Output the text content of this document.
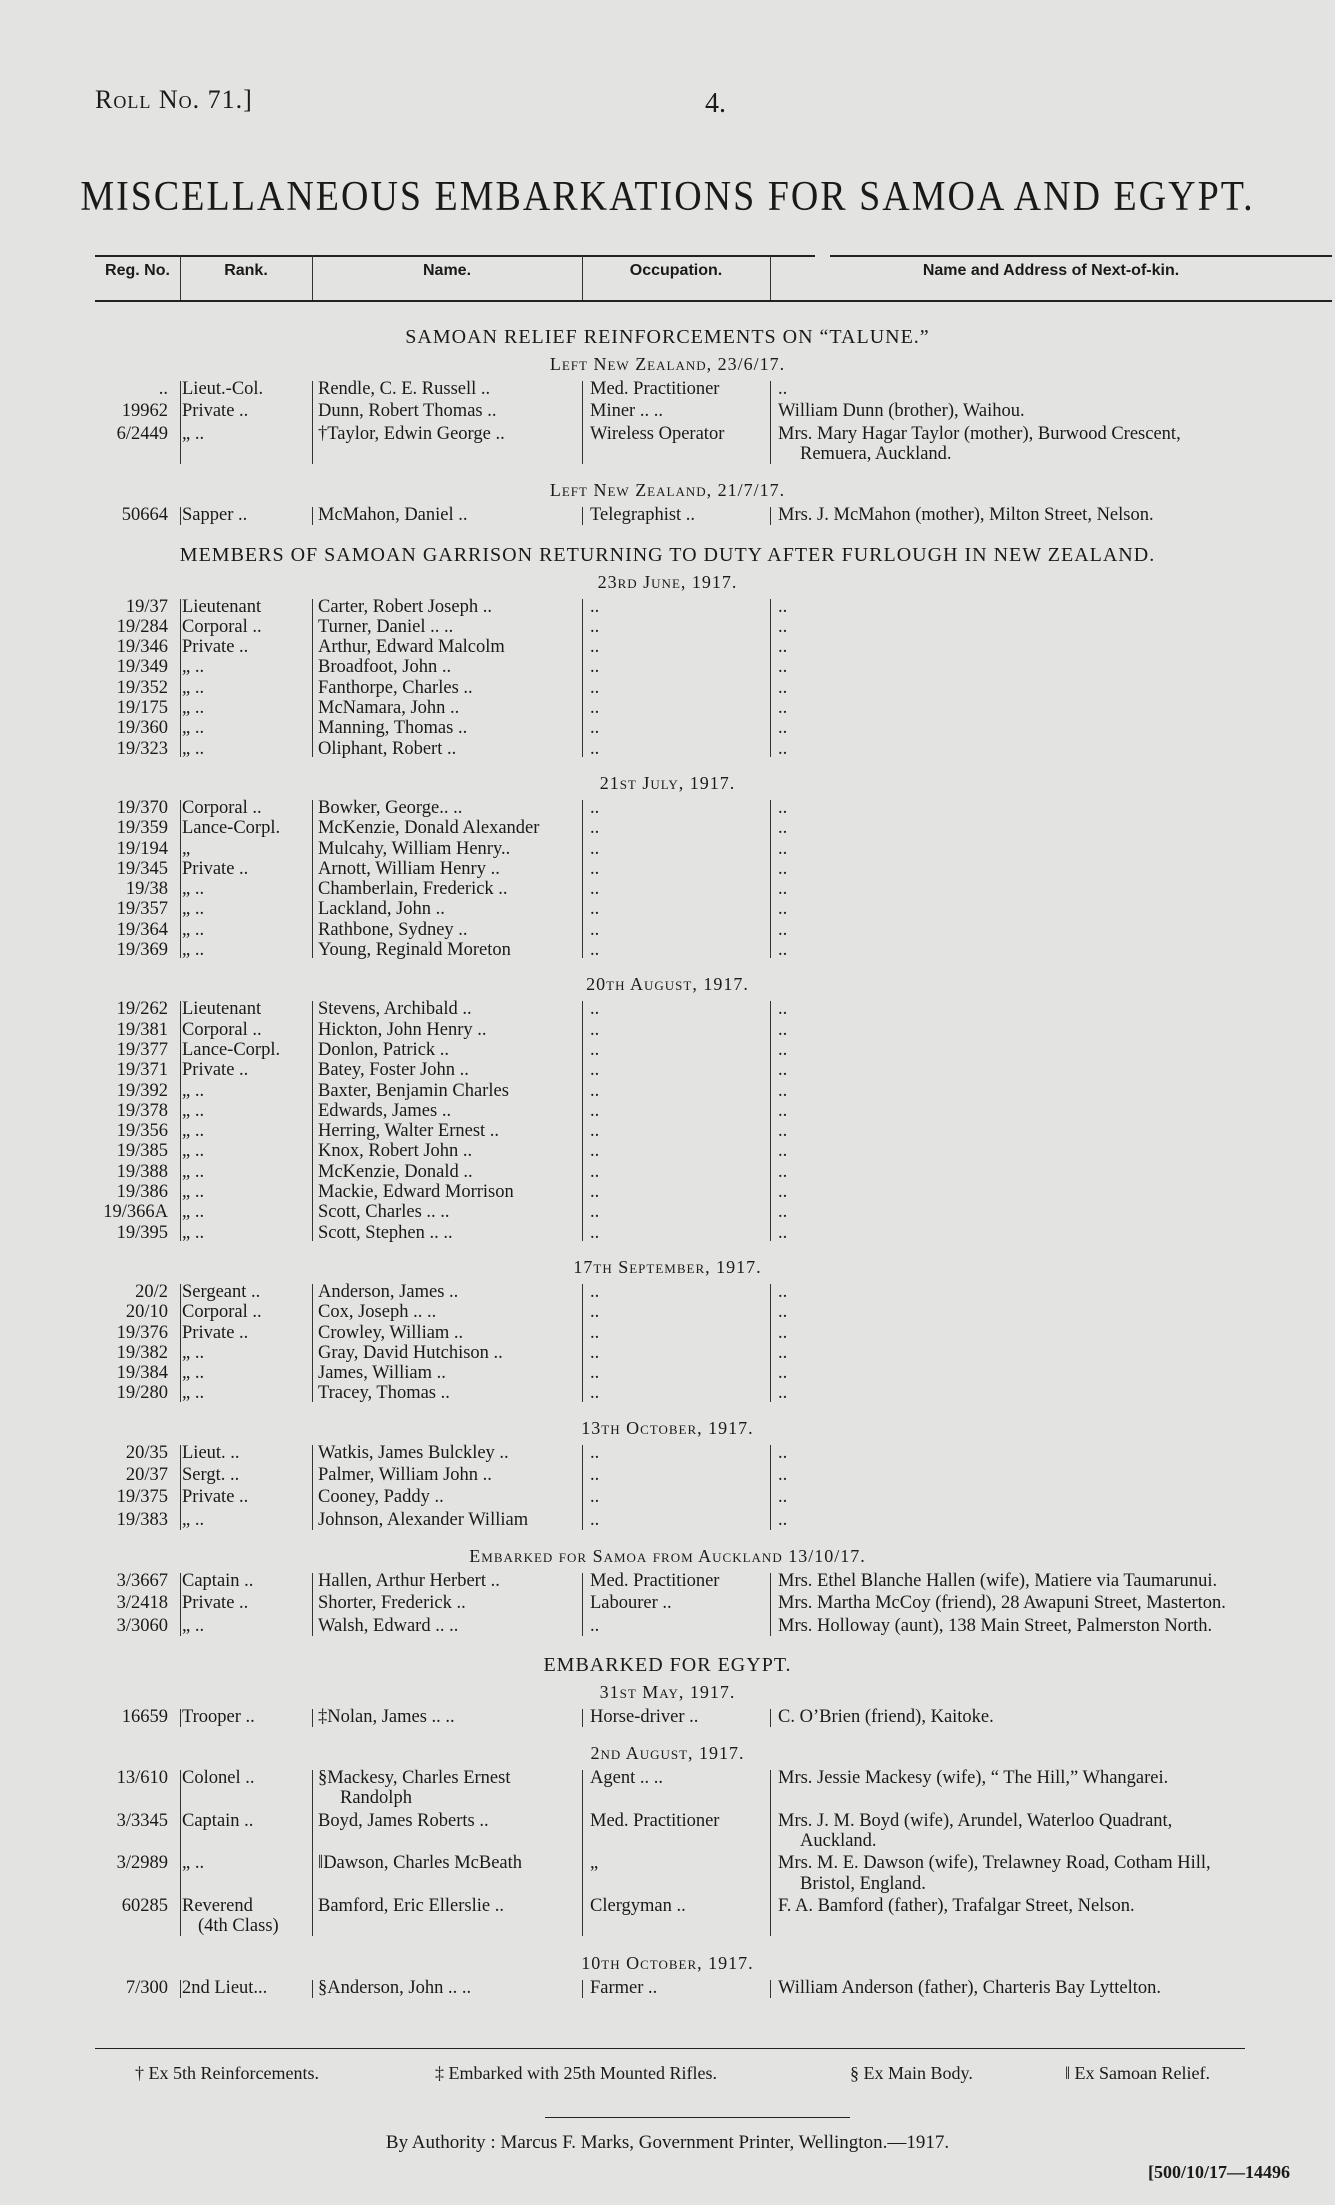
Roll No. 71.]	4.
MISCELLANEOUS EMBARKATIONS FOR SAMOA AND EGYPT.
Reg. No.	Rank.	Name.	Occupation.	Name and Address of Next-of-kin.
SAMOAN RELIEF REINFORCEMENTS ON “TALUNE.”
Left New Zealand, 23/6/17.
.. Lieut.-Col.	Rendle, C. E. Russell ..	Med. Practitioner	..
19962 Private ..	Dunn, Robert Thomas ..	Miner .. ..	William Dunn (brother), Waihou.
6/2449 „ ..	†Taylor, Edwin George ..	Wireless Operator	Mrs. Mary Hagar Taylor (mother), Burwood Crescent,
Remuera, Auckland.
Left New Zealand, 21/7/17.
50664 Sapper ..	McMahon, Daniel ..	Telegraphist ..	Mrs. J. McMahon (mother), Milton Street, Nelson.
MEMBERS OF SAMOAN GARRISON RETURNING TO DUTY AFTER FURLOUGH IN NEW ZEALAND.
23rd June, 1917.
19/37 Lieutenant	Carter, Robert Joseph ..	..	..
19/284 Corporal ..	Turner, Daniel .. ..	..	..
19/346 Private ..	Arthur, Edward Malcolm	..	..
19/349 „ ..	Broadfoot, John ..	..	..
19/352 „ ..	Fanthorpe, Charles ..	..	..
19/175 „ ..	McNamara, John ..	..	..
19/360 „ ..	Manning, Thomas ..	..	..
19/323 „ ..	Oliphant, Robert ..	..	..
21st July, 1917.
19/370 Corporal ..	Bowker, George.. ..	..	..
19/359 Lance-Corpl. McKenzie, Donald Alexander	..	..
19/194 „	Mulcahy, William Henry..	..	..
19/345 Private ..	Arnott, William Henry ..	..	..
19/38 „ ..	Chamberlain, Frederick ..	..	..
19/357 „ ..	Lackland, John ..	..	..
19/364 „ ..	Rathbone, Sydney ..	..	..
19/369 „ ..	Young, Reginald Moreton	..	..
20th August, 1917.
19/262 Lieutenant	Stevens, Archibald ..	..	..
19/381 Corporal ..	Hickton, John Henry ..	..	..
19/377 Lance-Corpl. Donlon, Patrick ..	..	..
19/371 Private ..	Batey, Foster John ..	..	..
19/392 „ ..	Baxter, Benjamin Charles	..	..
19/378 „ ..	Edwards, James ..	..	..
19/356 „ ..	Herring, Walter Ernest ..	..	..
19/385 „ ..	Knox, Robert John ..	..	..
19/388 „ ..	McKenzie, Donald ..	..	..
19/386 „ ..	Mackie, Edward Morrison	..	..
19/366A „ ..	Scott, Charles .. ..	..	..
19/395 „ ..	Scott, Stephen .. ..	..	..
17th September, 1917.
20/2 Sergeant ..	Anderson, James ..	..	..
20/10 Corporal ..	Cox, Joseph .. ..	..	..
19/376 Private ..	Crowley, William ..	..	..
19/382 „ ..	Gray, David Hutchison ..	..	..
19/384 „ ..	James, William ..	..	..
19/280 „ ..	Tracey, Thomas ..	..	..
13th October, 1917.
20/35 Lieut. ..	Watkis, James Bulckley ..	..	..
20/37 Sergt. ..	Palmer, William John ..	..	..
19/375 Private ..	Cooney, Paddy ..	..	..
19/383 „ ..	Johnson, Alexander William	..	..
Embarked for Samoa from Auckland 13/10/17.
3/3667 Captain ..	Hallen, Arthur Herbert ..	Med. Practitioner	Mrs. Ethel Blanche Hallen (wife), Matiere via Taumarunui.
3/2418 Private ..	Shorter, Frederick ..	Labourer ..	Mrs. Martha McCoy (friend), 28 Awapuni Street, Masterton.
3/3060 „ ..	Walsh, Edward .. ..	..	Mrs. Holloway (aunt), 138 Main Street, Palmerston North.
EMBARKED FOR EGYPT.
31st May, 1917.
16659 Trooper ..	‡Nolan, James .. ..	Horse-driver ..	C. O’Brien (friend), Kaitoke.
2nd August, 1917.
13/610 Colonel ..	§Mackesy, Charles Ernest	Agent .. ..	Mrs. Jessie Mackesy (wife), “ The Hill,” Whangarei.
Randolph
3/3345 Captain ..	Boyd, James Roberts ..	Med. Practitioner	Mrs. J. M. Boyd (wife), Arundel, Waterloo Quadrant,
Auckland.
3/2989 „ ..	‖Dawson, Charles McBeath	„	Mrs. M. E. Dawson (wife), Trelawney Road, Cotham Hill,
Bristol, England.
60285 Reverend	Bamford, Eric Ellerslie ..	Clergyman ..	F. A. Bamford (father), Trafalgar Street, Nelson.
(4th Class)
10th October, 1917.
7/300 2nd Lieut...	§Anderson, John .. ..	Farmer ..	William Anderson (father), Charteris Bay Lyttelton.
† Ex 5th Reinforcements.	‡ Embarked with 25th Mounted Rifles.	§ Ex Main Body.	‖ Ex Samoan Relief.
By Authority : Marcus F. Marks, Government Printer, Wellington.—1917.
[500/10/17—14496
